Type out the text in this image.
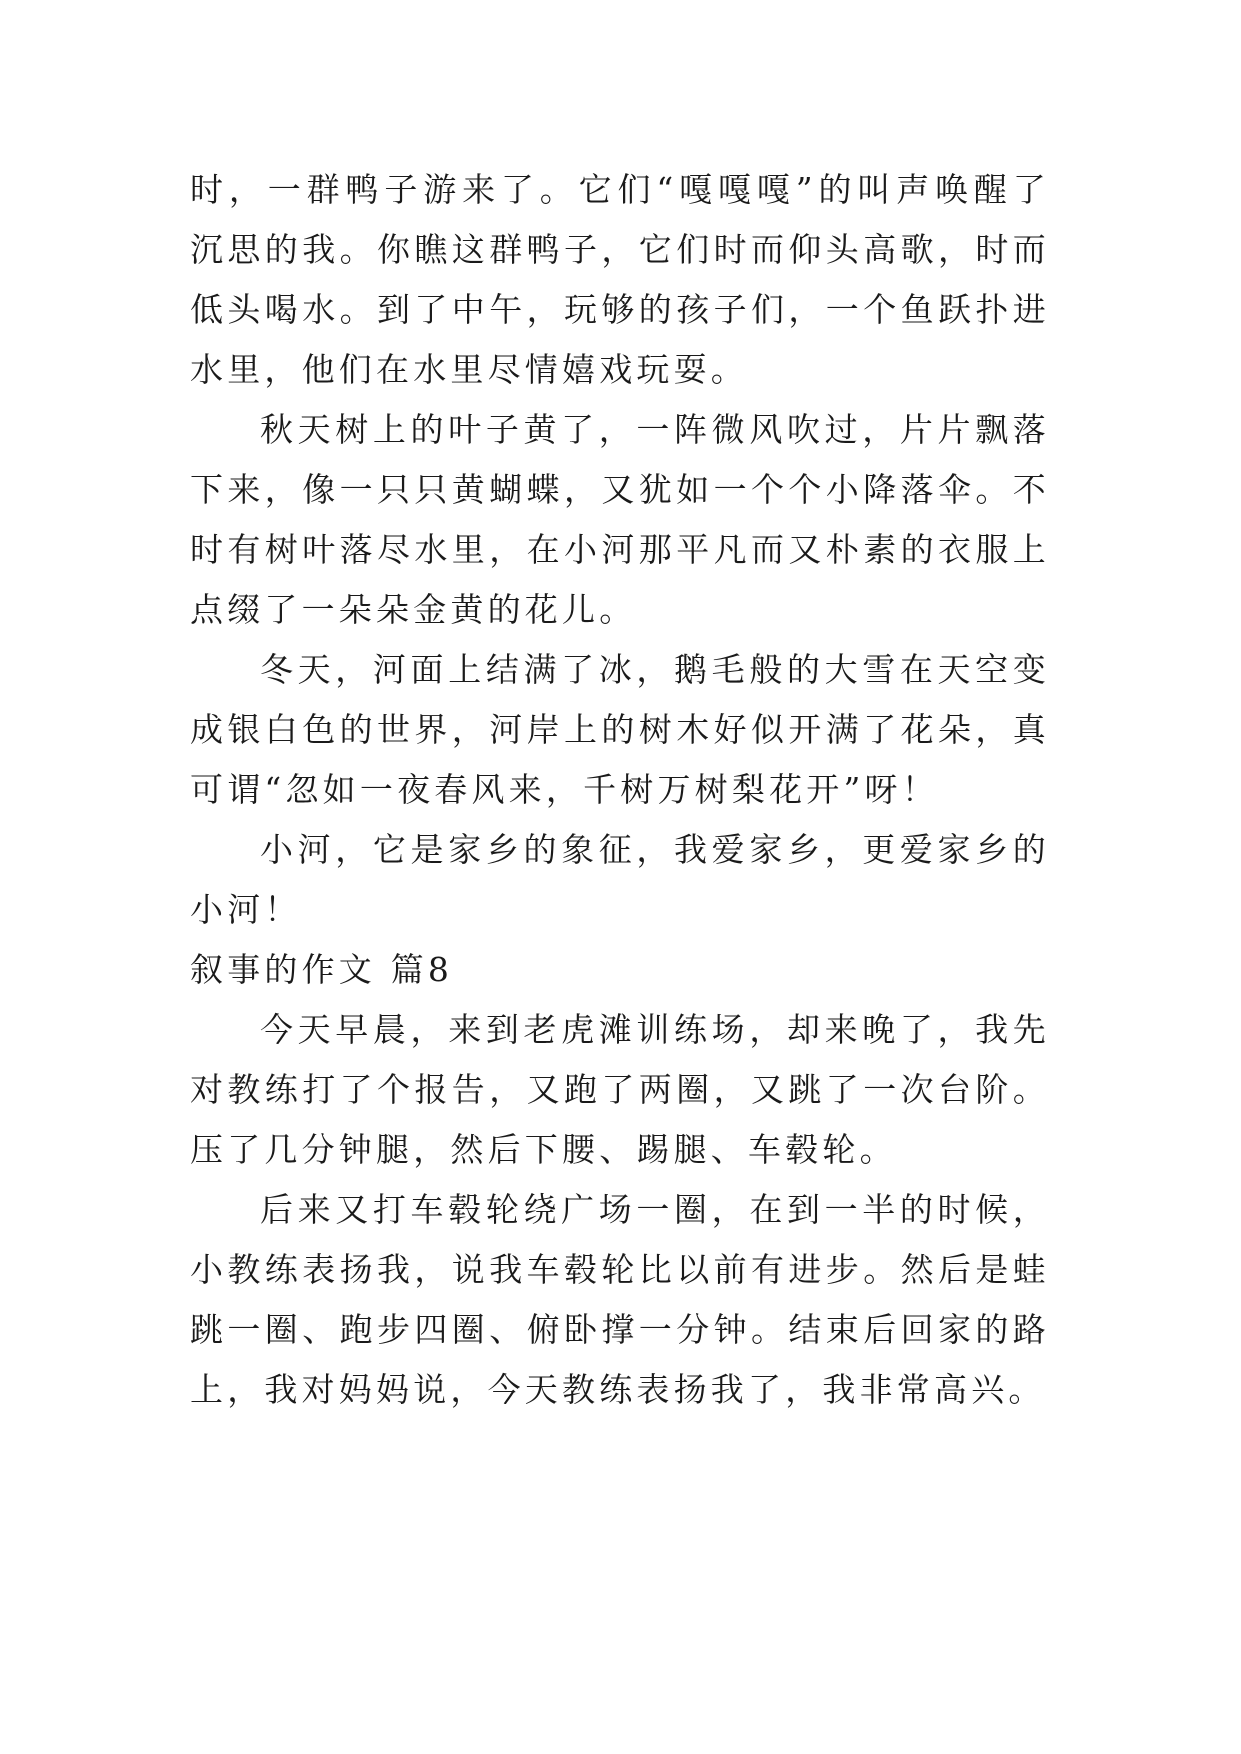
时，一群鸭子游来了。它们“嘎嘎嘎”的叫声唤醒了沉思的我。你瞧这群鸭子，它们时而仰头高歌，时而低头喝水。到了中午，玩够的孩子们，一个鱼跃扑进水里，他们在水里尽情嬉戏玩耍。

秋天树上的叶子黄了，一阵微风吹过，片片飘落下来，像一只只黄蝴蝶，又犹如一个个小降落伞。不时有树叶落尽水里，在小河那平凡而又朴素的衣服上点缀了一朵朵金黄的花儿。

冬天，河面上结满了冰，鹅毛般的大雪在天空变成银白色的世界，河岸上的树木好似开满了花朵，真可谓“忽如一夜春风来，千树万树梨花开”呀！

小河，它是家乡的象征，我爱家乡，更爱家乡的小河！

叙事的作文 篇8

今天早晨，来到老虎滩训练场，却来晚了，我先对教练打了个报告，又跑了两圈，又跳了一次台阶。压了几分钟腿，然后下腰、踢腿、车毂轮。

后来又打车毂轮绕广场一圈，在到一半的时候，小教练表扬我，说我车毂轮比以前有进步。然后是蛙跳一圈、跑步四圈、俯卧撑一分钟。结束后回家的路上，我对妈妈说，今天教练表扬我了，我非常高兴。
